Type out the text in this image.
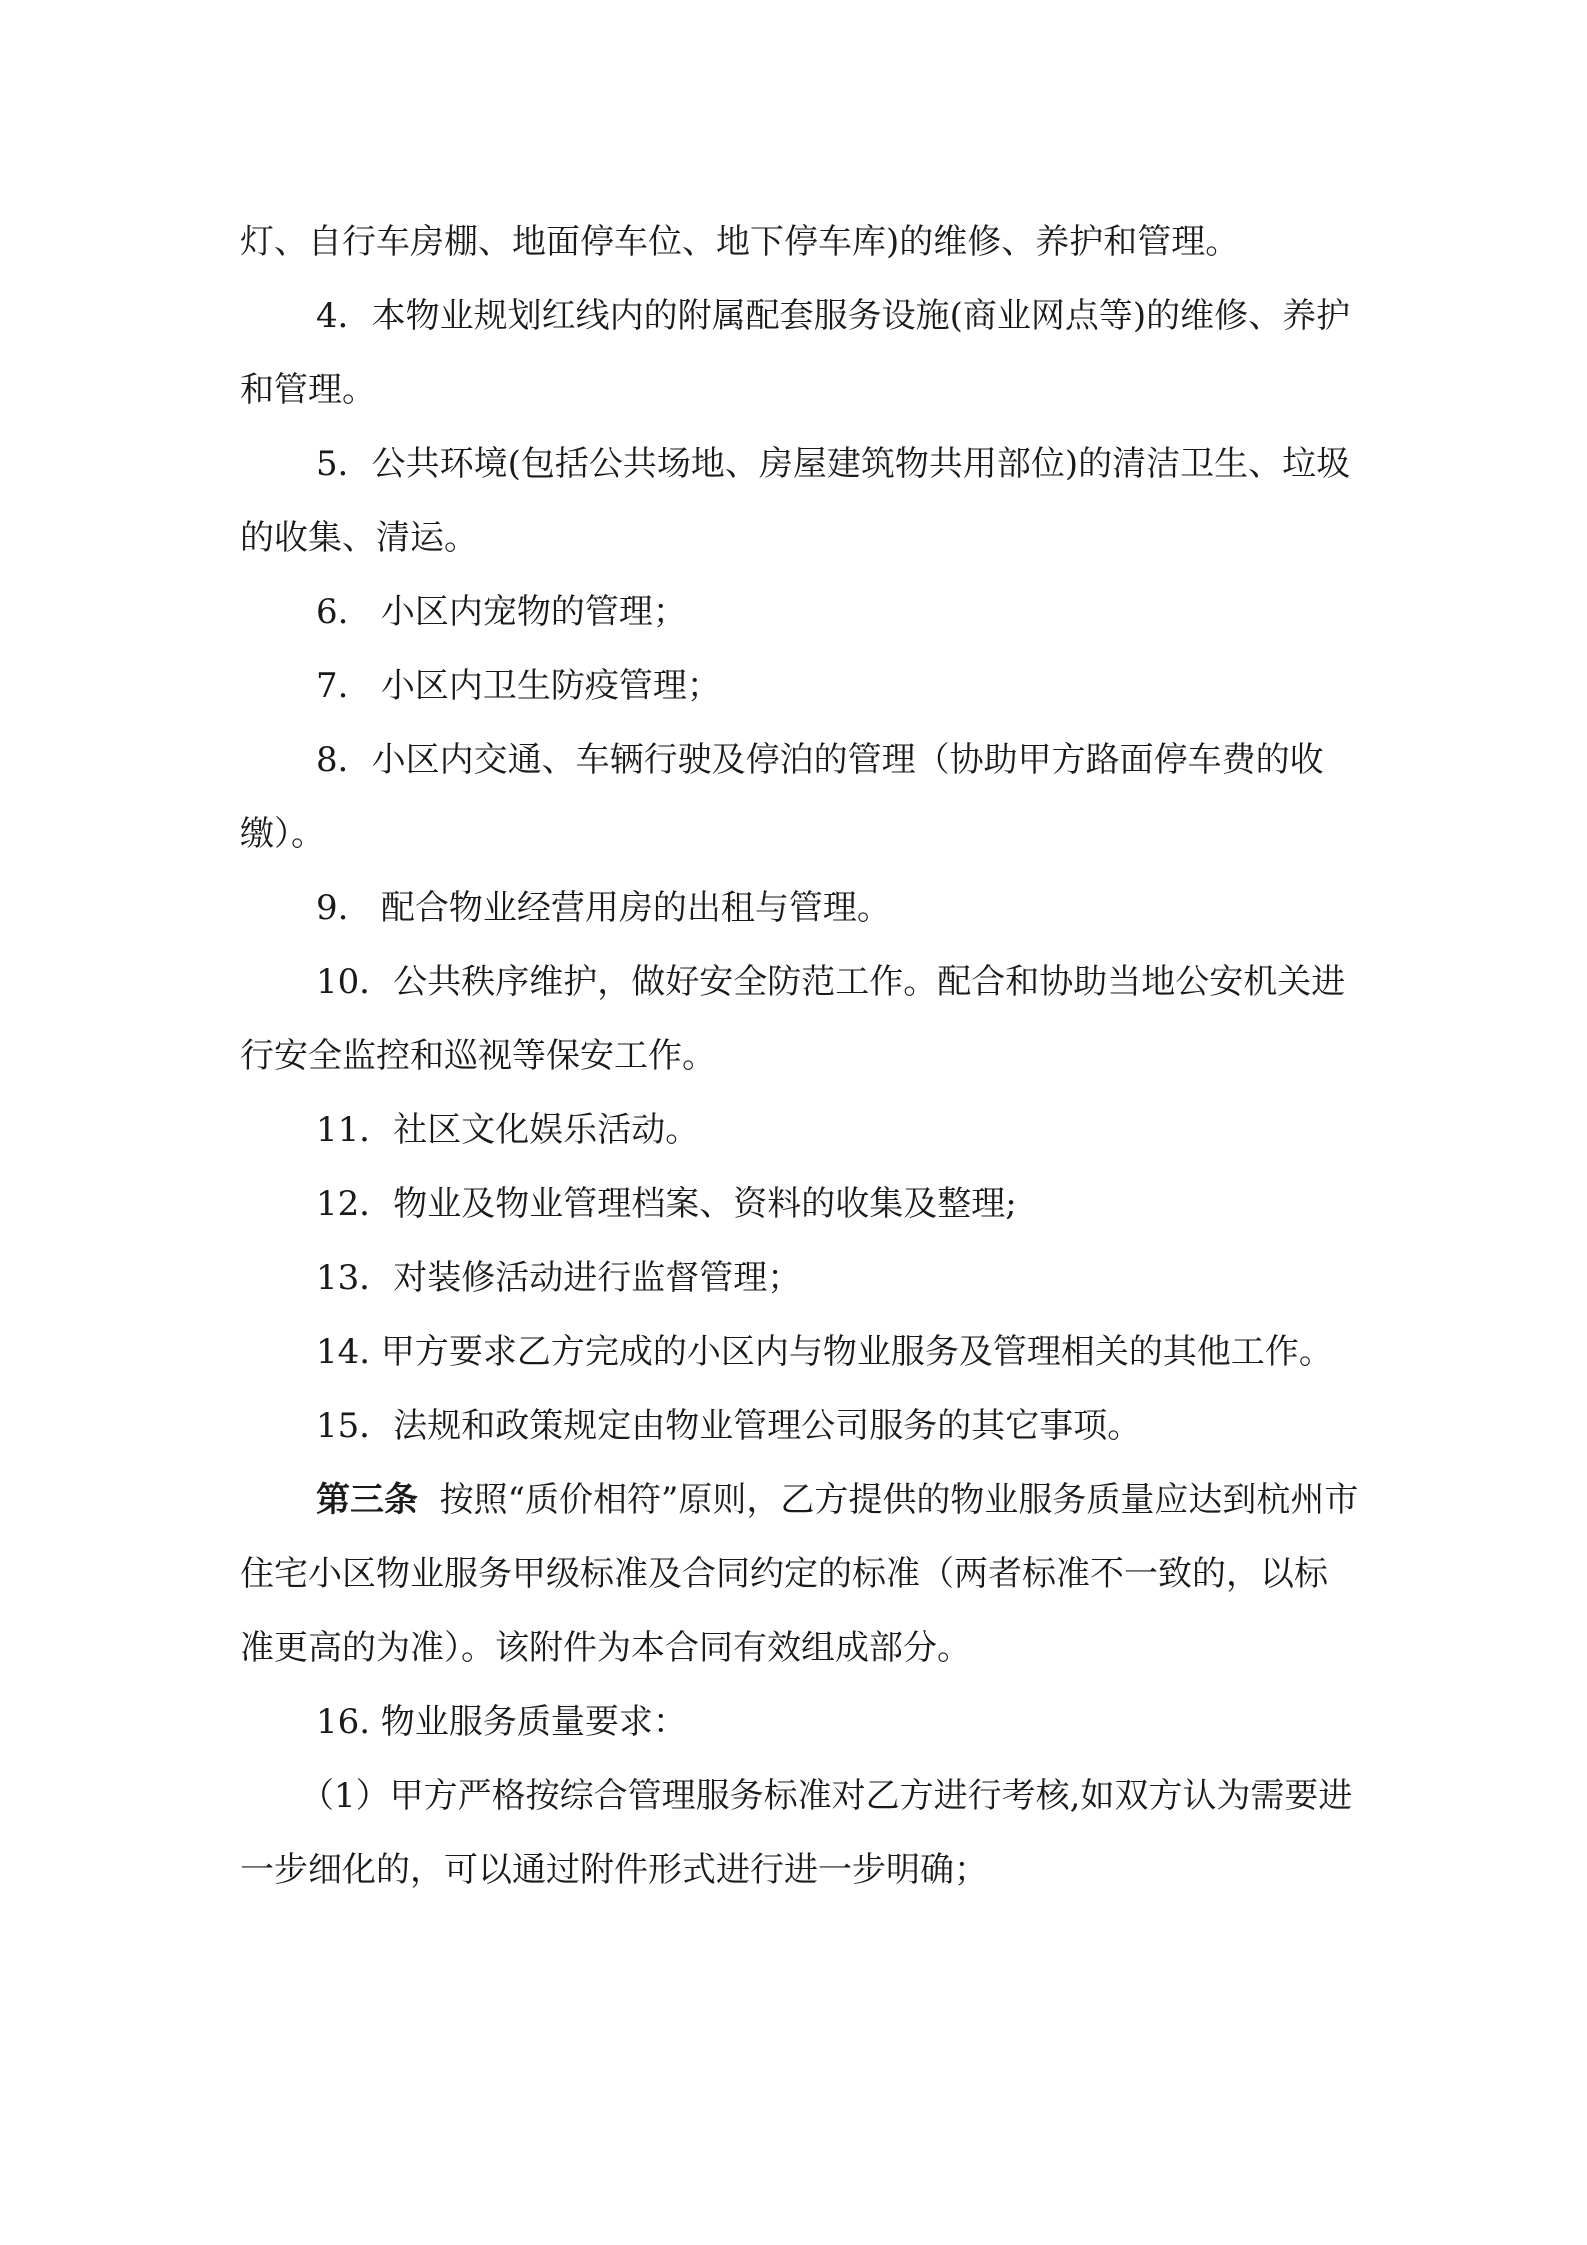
灯、自行车房棚、地面停车位、地下停车库)的维修、养护和管理。

4．本物业规划红线内的附属配套服务设施(商业网点等)的维修、养护和管理。

5．公共环境(包括公共场地、房屋建筑物共用部位)的清洁卫生、垃圾的收集、清运。

6.   小区内宠物的管理；

7.   小区内卫生防疫管理；

8．小区内交通、车辆行驶及停泊的管理（协助甲方路面停车费的收缴）。

9.   配合物业经营用房的出租与管理。

10．公共秩序维护，做好安全防范工作。配合和协助当地公安机关进行安全监控和巡视等保安工作。

11．社区文化娱乐活动。

12．物业及物业管理档案、资料的收集及整理;

13．对装修活动进行监督管理；

14. 甲方要求乙方完成的小区内与物业服务及管理相关的其他工作。

15．法规和政策规定由物业管理公司服务的其它事项。

第三条  按照“质价相符”原则，乙方提供的物业服务质量应达到杭州市住宅小区物业服务甲级标准及合同约定的标准（两者标准不一致的，以标准更高的为准）。该附件为本合同有效组成部分。

16. 物业服务质量要求：

（1）甲方严格按综合管理服务标准对乙方进行考核,如双方认为需要进一步细化的，可以通过附件形式进行进一步明确；
